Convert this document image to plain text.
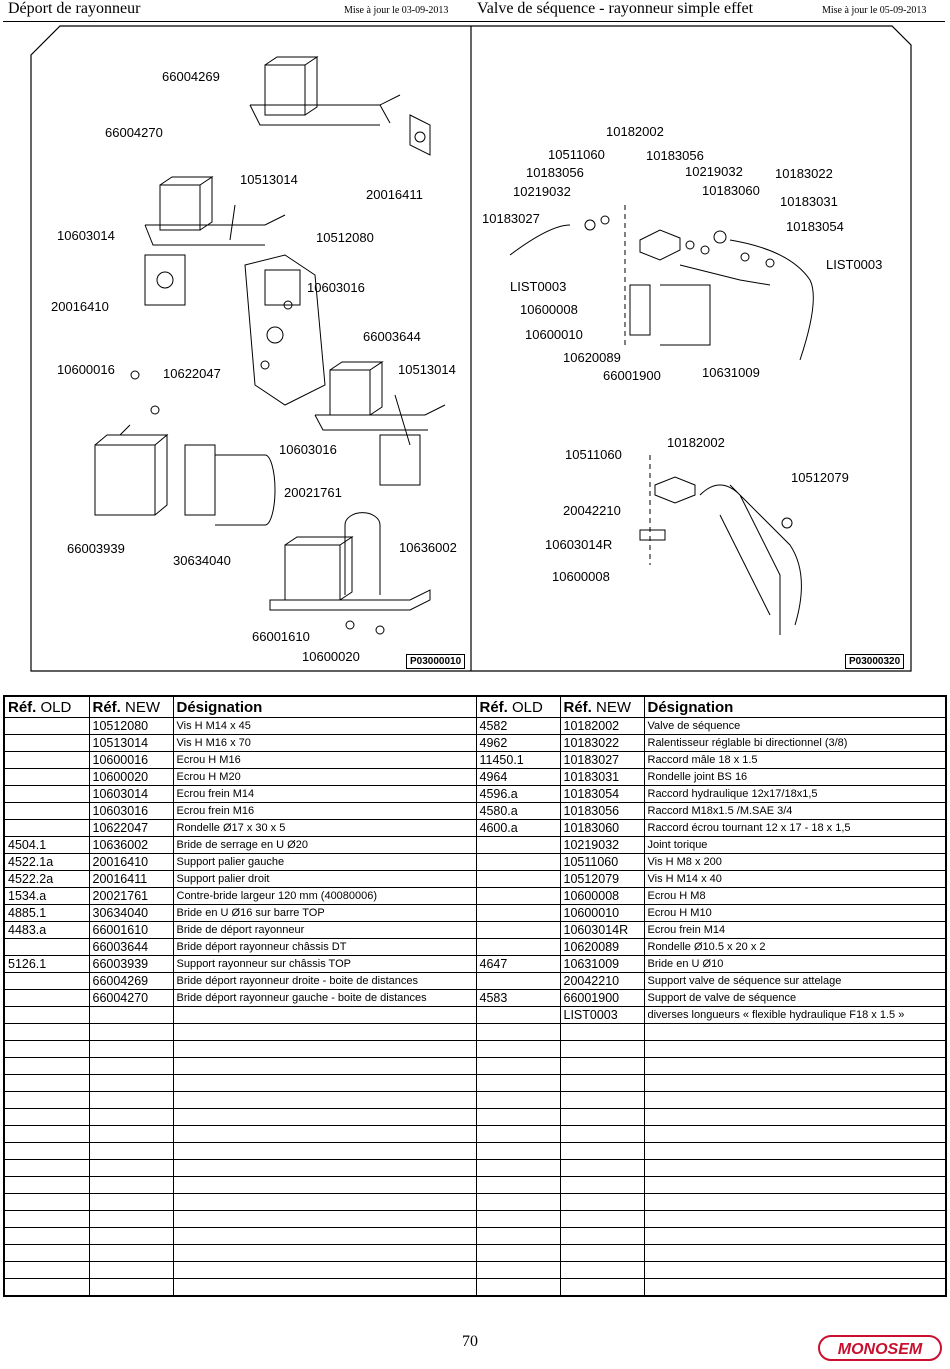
Déport de rayonneur	Mise à jour le 03-09-2013 Valve de séquence - rayonneur simple effet	Mise à jour le 05-09-2013
66004269
66004270
10513014
20016411
10603014	10512080
20016410
10603016
66003644
10600016	10622047	10513014
10603016
20021761
66003939
30634040
10636002
66001610
10600020	P03000010
10182002
10511060
10183056
10183056
10219032
10183022
10219032
10183060
10183031
10183027
10183054
LIST0003
LIST0003
10600008
10600010
10620089
66001900	10631009
10182002
10511060
10512079
20042210
10603014R
10600008
P03000320
Réf. OLD	Réf. NEW	Désignation	Réf. OLD	Réf. NEW	Désignation
	10512080	Vis H M14 x 45	4582	10182002	Valve de séquence
	10513014	Vis H M16 x 70	4962	10183022	Ralentisseur réglable bi directionnel (3/8)
	10600016	Ecrou H M16	11450.1	10183027	Raccord mâle 18 x 1.5
	10600020	Ecrou H M20	4964	10183031	Rondelle joint BS 16
	10603014	Ecrou frein M14	4596.a	10183054	Raccord hydraulique 12x17/18x1,5
	10603016	Ecrou frein M16	4580.a	10183056	Raccord M18x1.5 /M.SAE 3/4
	10622047	Rondelle Ø17 x 30 x 5	4600.a	10183060	Raccord écrou tournant 12 x 17 - 18 x 1,5
4504.1	10636002	Bride de serrage en U Ø20		10219032	Joint torique
4522.1a	20016410	Support palier gauche		10511060	Vis H M8 x 200
4522.2a	20016411	Support palier droit		10512079	Vis H M14 x 40
1534.a	20021761	Contre-bride largeur 120 mm (40080006)		10600008	Ecrou H M8
4885.1	30634040	Bride en U Ø16 sur barre TOP		10600010	Ecrou H M10
4483.a	66001610	Bride de déport rayonneur		10603014R	Ecrou frein M14
	66003644	Bride déport rayonneur châssis DT		10620089	Rondelle Ø10.5 x 20 x 2
5126.1	66003939	Support rayonneur sur châssis TOP	4647	10631009	Bride en U Ø10
	66004269	Bride déport rayonneur droite - boite de distances		20042210	Support valve de séquence sur attelage
	66004270	Bride déport rayonneur gauche - boite de distances	4583	66001900	Support de valve de séquence
				LIST0003	diverses longueurs « flexible hydraulique F18 x 1.5 »

70	MONOSEM
